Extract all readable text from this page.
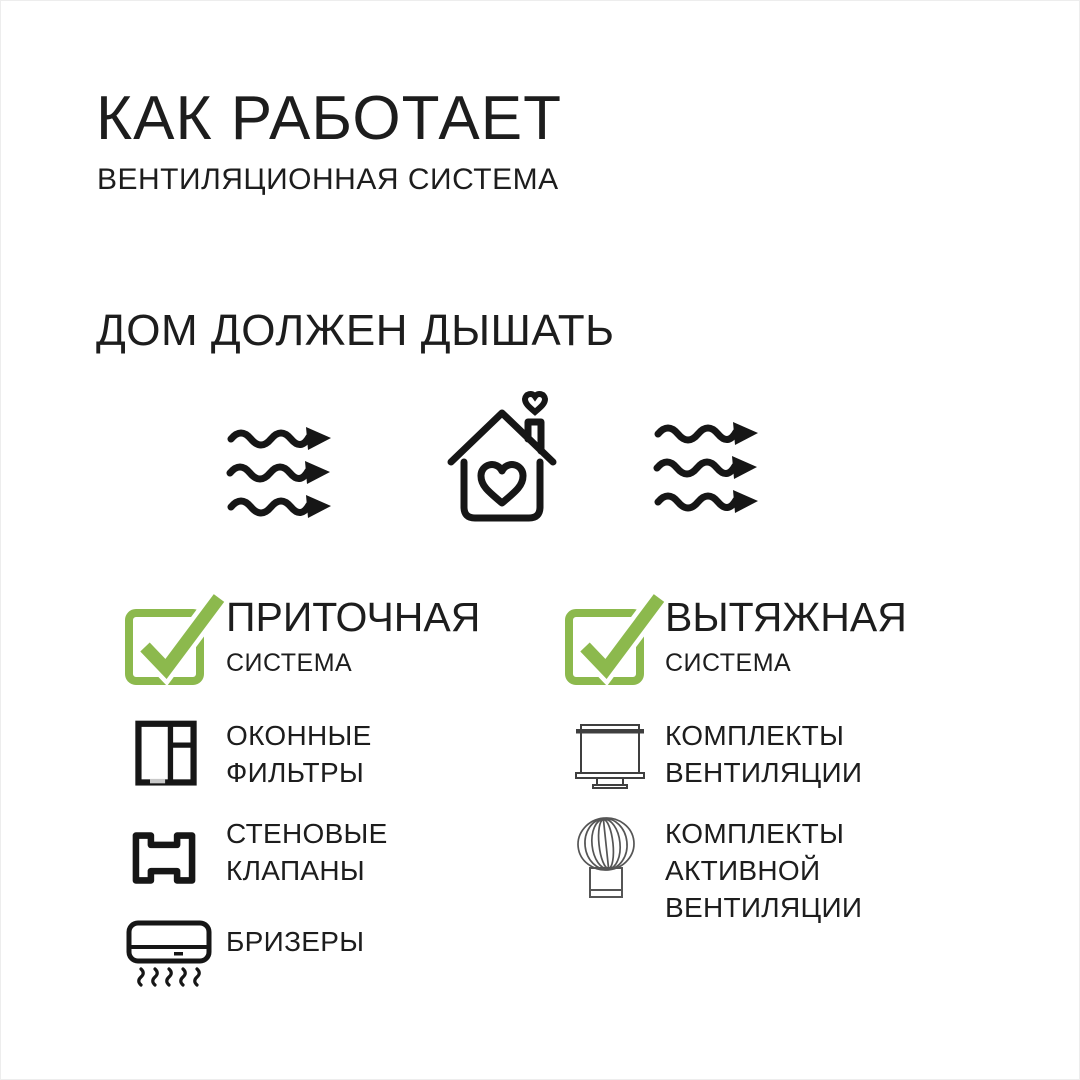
КАК РАБОТАЕТ
ВЕНТИЛЯЦИОННАЯ СИСТЕМА
ДОМ ДОЛЖЕН ДЫШАТЬ
ПРИТОЧНАЯ
СИСТЕМА
ВЫТЯЖНАЯ
СИСТЕМА
ОКОННЫЕ
ФИЛЬТРЫ
СТЕНОВЫЕ
КЛАПАНЫ
БРИЗЕРЫ
КОМПЛЕКТЫ
ВЕНТИЛЯЦИИ
КОМПЛЕКТЫ
АКТИВНОЙ
ВЕНТИЛЯЦИИ
